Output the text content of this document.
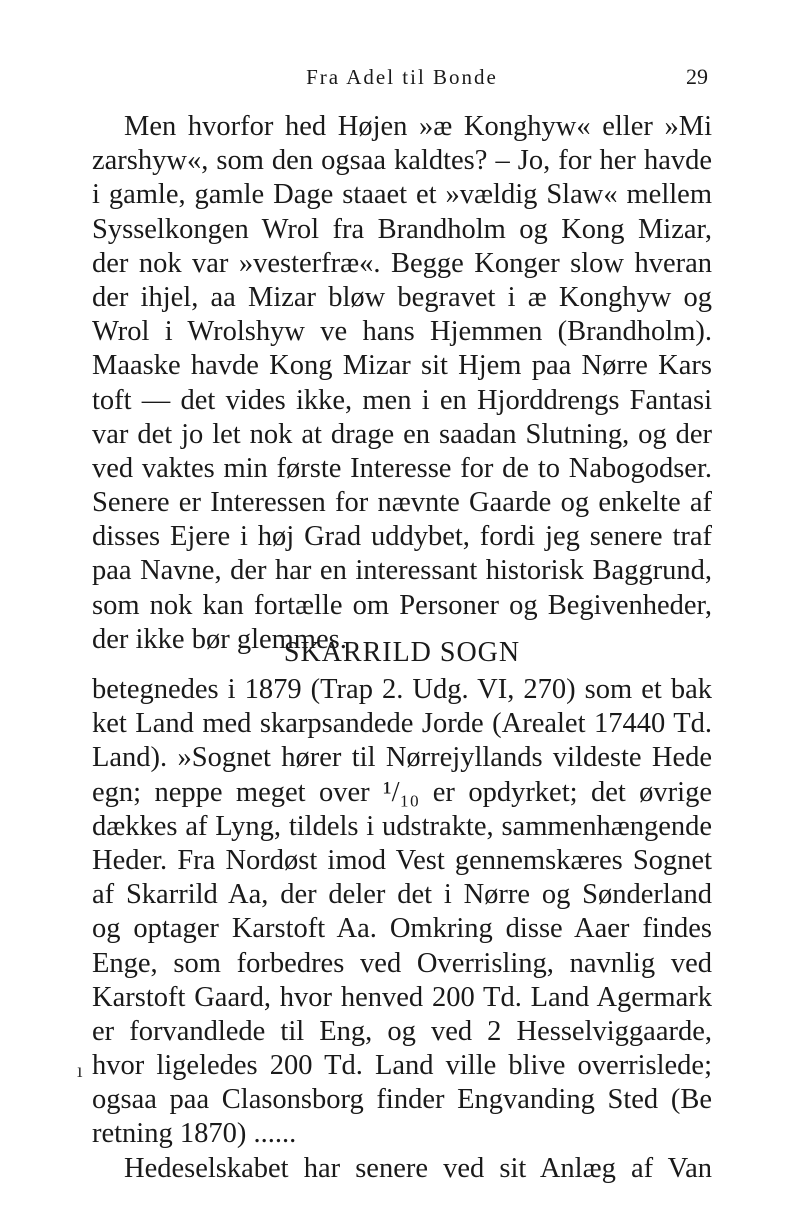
Fra Adel til Bonde	29
Men hvorfor hed Højen »æ Konghyw« eller »Mi
zarshyw«, som den ogsaa kaldtes? – Jo, for her havde
i gamle, gamle Dage staaet et »vældig Slaw« mellem
Sysselkongen Wrol fra Brandholm og Kong Mizar,
der nok var »vesterfræ«. Begge Konger slow hveran
der ihjel, aa Mizar bløw begravet i æ Konghyw og
Wrol i Wrolshyw ve hans Hjemmen (Brandholm).
Maaske havde Kong Mizar sit Hjem paa Nørre Kars
toft — det vides ikke, men i en Hjorddrengs Fantasi
var det jo let nok at drage en saadan Slutning, og der
ved vaktes min første Interesse for de to Nabogodser.
Senere er Interessen for nævnte Gaarde og enkelte af
disses Ejere i høj Grad uddybet, fordi jeg senere traf
paa Navne, der har en interessant historisk Baggrund,
som nok kan fortælle om Personer og Begivenheder,
der ikke bør glemmes.
SKARRILD SOGN
betegnedes i 1879 (Trap 2. Udg. VI, 270) som et bak
ket Land med skarpsandede Jorde (Arealet 17440 Td.
Land). »Sognet hører til Nørrejyllands vildeste Hede
egn; neppe meget over ¹/₁₀ er opdyrket; det øvrige
dækkes af Lyng, tildels i udstrakte, sammenhængende
Heder. Fra Nordøst imod Vest gennemskæres Sognet
af Skarrild Aa, der deler det i Nørre og Sønderland
og optager Karstoft Aa. Omkring disse Aaer findes
Enge, som forbedres ved Overrisling, navnlig ved
Karstoft Gaard, hvor henved 200 Td. Land Agermark
er forvandlede til Eng, og ved 2 Hesselviggaarde,
hvor ligeledes 200 Td. Land ville blive overrislede;
ogsaa paa Clasonsborg finder Engvanding Sted (Be
retning 1870) ......
Hedeselskabet har senere ved sit Anlæg af Van
ı
